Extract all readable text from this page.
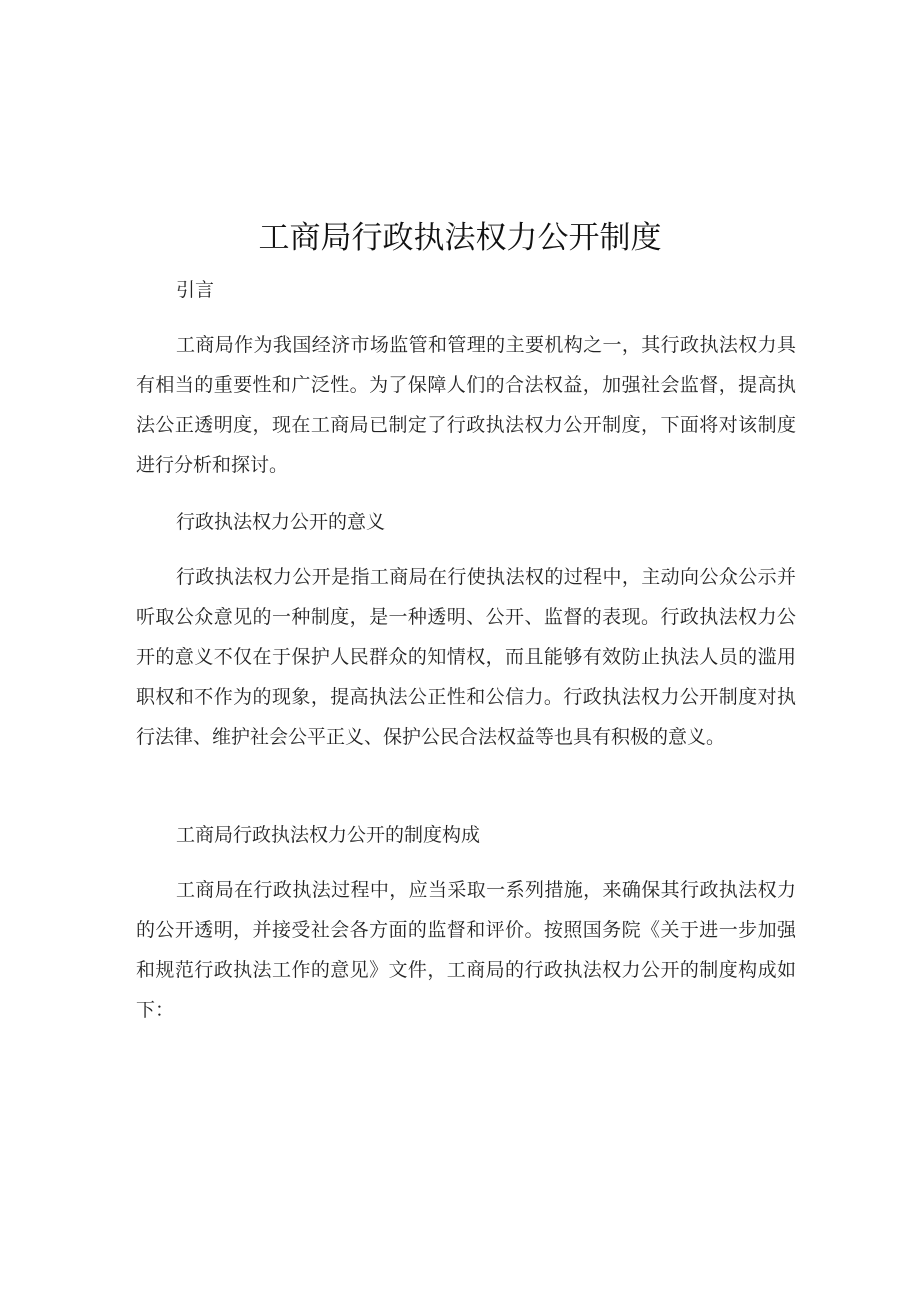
工商局行政执法权力公开制度

引言

工商局作为我国经济市场监管和管理的主要机构之一，其行政执法权力具有相当的重要性和广泛性。为了保障人们的合法权益，加强社会监督，提高执法公正透明度，现在工商局已制定了行政执法权力公开制度，下面将对该制度进行分析和探讨。

行政执法权力公开的意义

行政执法权力公开是指工商局在行使执法权的过程中，主动向公众公示并听取公众意见的一种制度，是一种透明、公开、监督的表现。行政执法权力公开的意义不仅在于保护人民群众的知情权，而且能够有效防止执法人员的滥用职权和不作为的现象，提高执法公正性和公信力。行政执法权力公开制度对执行法律、维护社会公平正义、保护公民合法权益等也具有积极的意义。

工商局行政执法权力公开的制度构成

工商局在行政执法过程中，应当采取一系列措施，来确保其行政执法权力的公开透明，并接受社会各方面的监督和评价。按照国务院《关于进一步加强和规范行政执法工作的意见》文件，工商局的行政执法权力公开的制度构成如下：
